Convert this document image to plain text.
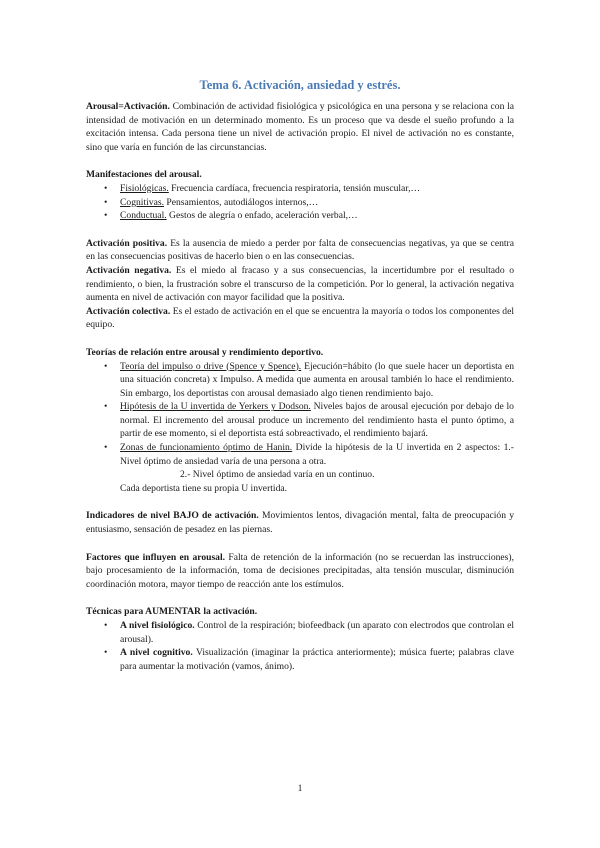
Tema 6. Activación, ansiedad y estrés.

Arousal=Activación. Combinación de actividad fisiológica y psicológica en una persona y se relaciona con la intensidad de motivación en un determinado momento. Es un proceso que va desde el sueño profundo a la excitación intensa. Cada persona tiene un nivel de activación propio. El nivel de activación no es constante, sino que varía en función de las circunstancias.

Manifestaciones del arousal.
• Fisiológicas. Frecuencia cardíaca, frecuencia respiratoria, tensión muscular,…
• Cognitivas. Pensamientos, autodiálogos internos,…
• Conductual. Gestos de alegría o enfado, aceleración verbal,…

Activación positiva. Es la ausencia de miedo a perder por falta de consecuencias negativas, ya que se centra en las consecuencias positivas de hacerlo bien o en las consecuencias.

Activación negativa. Es el miedo al fracaso y a sus consecuencias, la incertidumbre por el resultado o rendimiento, o bien, la frustración sobre el transcurso de la competición. Por lo general, la activación negativa aumenta en nivel de activación con mayor facilidad que la positiva.

Activación colectiva. Es el estado de activación en el que se encuentra la mayoría o todos los componentes del equipo.

Teorías de relación entre arousal y rendimiento deportivo.
• Teoría del impulso o drive (Spence y Spence). Ejecución=hábito (lo que suele hacer un deportista en una situación concreta) x Impulso. A medida que aumenta en arousal también lo hace el rendimiento. Sin embargo, los deportistas con arousal demasiado algo tienen rendimiento bajo.
• Hipótesis de la U invertida de Yerkers y Dodson. Niveles bajos de arousal ejecución por debajo de lo normal. El incremento del arousal produce un incremento del rendimiento hasta el punto óptimo, a partir de ese momento, si el deportista está sobreactivado, el rendimiento bajará.
• Zonas de funcionamiento óptimo de Hanin. Divide la hipótesis de la U invertida en 2 aspectos: 1.- Nivel óptimo de ansiedad varía de una persona a otra.
2.- Nivel óptimo de ansiedad varía en un continuo.
Cada deportista tiene su propia U invertida.

Indicadores de nivel BAJO de activación. Movimientos lentos, divagación mental, falta de preocupación y entusiasmo, sensación de pesadez en las piernas.

Factores que influyen en arousal. Falta de retención de la información (no se recuerdan las instrucciones), bajo procesamiento de la información, toma de decisiones precipitadas, alta tensión muscular, disminución coordinación motora, mayor tiempo de reacción ante los estímulos.

Técnicas para AUMENTAR la activación.
• A nivel fisiológico. Control de la respiración; biofeedback (un aparato con electrodos que controlan el arousal).
• A nivel cognitivo. Visualización (imaginar la práctica anteriormente); música fuerte; palabras clave para aumentar la motivación (vamos, ánimo).
1
